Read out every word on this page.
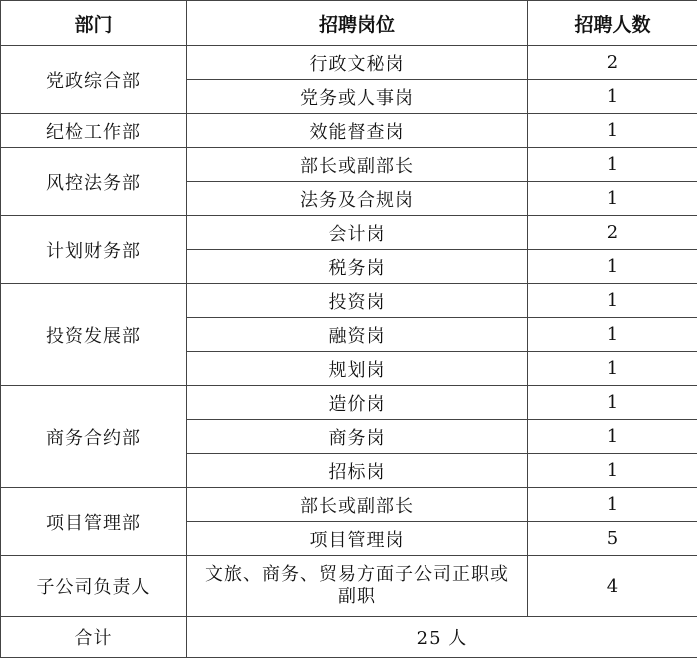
部门	招聘岗位	招聘人数
党政综合部	行政文秘岗	2
	党务或人事岗	1
纪检工作部	效能督查岗	1
风控法务部	部长或副部长	1
	法务及合规岗	1
计划财务部	会计岗	2
	税务岗	1
投资发展部	投资岗	1
	融资岗	1
	规划岗	1
商务合约部	造价岗	1
	商务岗	1
	招标岗	1
项目管理部	部长或副部长	1
	项目管理岗	5
子公司负责人	文旅、商务、贸易方面子公司正职或副职	4
合计	25 人	
